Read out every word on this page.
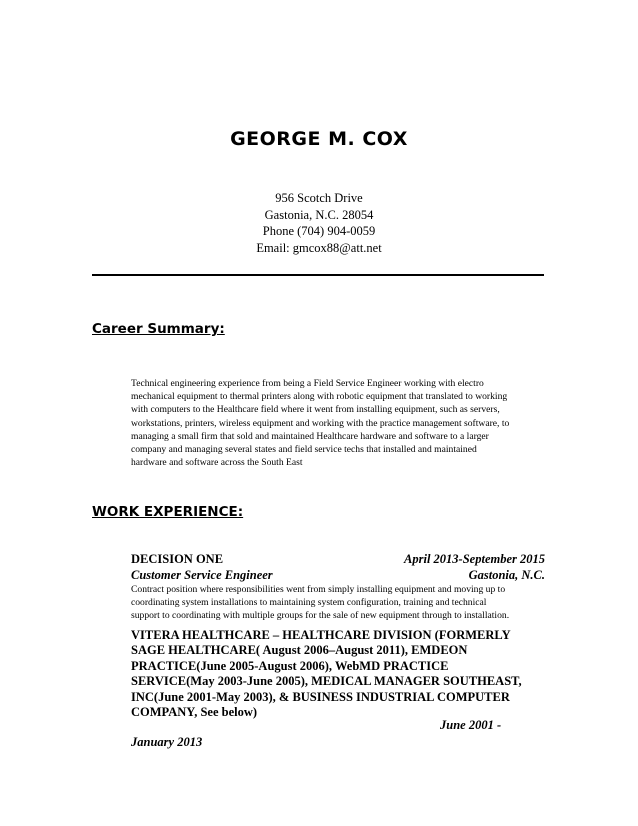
GEORGE M. COX
956 Scotch Drive
Gastonia, N.C. 28054
Phone (704) 904-0059
Email: gmcox88@att.net
Career Summary:
Technical engineering experience from being a Field Service Engineer working with electro
mechanical equipment to thermal printers along with robotic equipment that translated to working
with computers to the Healthcare field where it went from installing equipment, such as servers,
workstations, printers, wireless equipment and working with the practice management software, to
managing a small firm that sold and maintained Healthcare hardware and software to a larger
company and managing several states and field service techs that installed and maintained
hardware and software across the South East
WORK EXPERIENCE:
DECISION ONE	April 2013-September 2015
Customer Service Engineer	Gastonia, N.C.
Contract position where responsibilities went from simply installing equipment and moving up to
coordinating system installations to maintaining system configuration, training and technical
support to coordinating with multiple groups for the sale of new equipment through to installation.
VITERA HEALTHCARE – HEALTHCARE DIVISION (FORMERLY
SAGE HEALTHCARE( August 2006–August 2011), EMDEON
PRACTICE(June 2005-August 2006), WebMD PRACTICE
SERVICE(May 2003-June 2005), MEDICAL MANAGER SOUTHEAST,
INC(June 2001-May 2003), & BUSINESS INDUSTRIAL COMPUTER
COMPANY, See below)
June 2001 -
January 2013
